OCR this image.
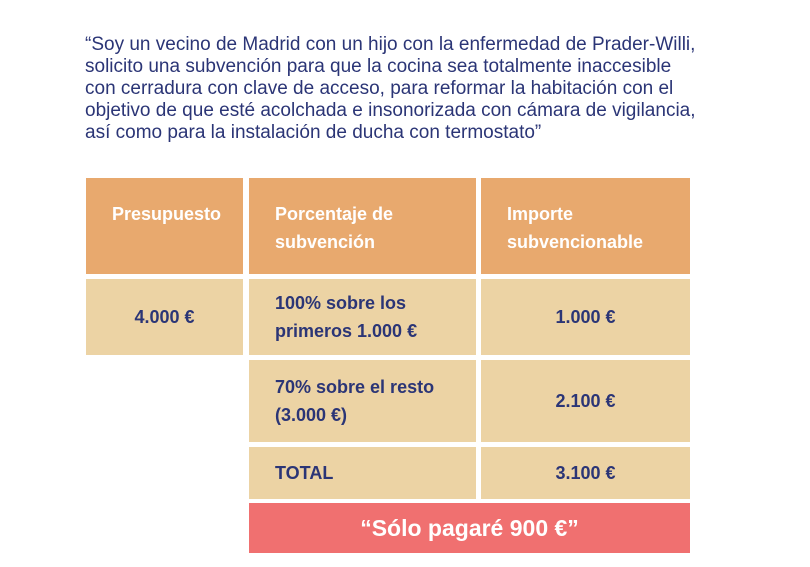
“Soy un vecino de Madrid con un hijo con la enfermedad de Prader-Willi,

solicito una subvención para que la cocina sea totalmente inaccesible

con cerradura con clave de acceso, para reformar la habitación con el

objetivo de que esté acolchada e insonorizada con cámara de vigilancia,

así como para la instalación de ducha con termostato”

Presupuesto	Porcentaje de
subvención
Importe
subvencionable
4.000 €
100% sobre los
primeros 1.000 €
1.000 €
70% sobre el resto
(3.000 €)
2.100 €
TOTAL	3.100 €
“Sólo pagaré 900 €”
